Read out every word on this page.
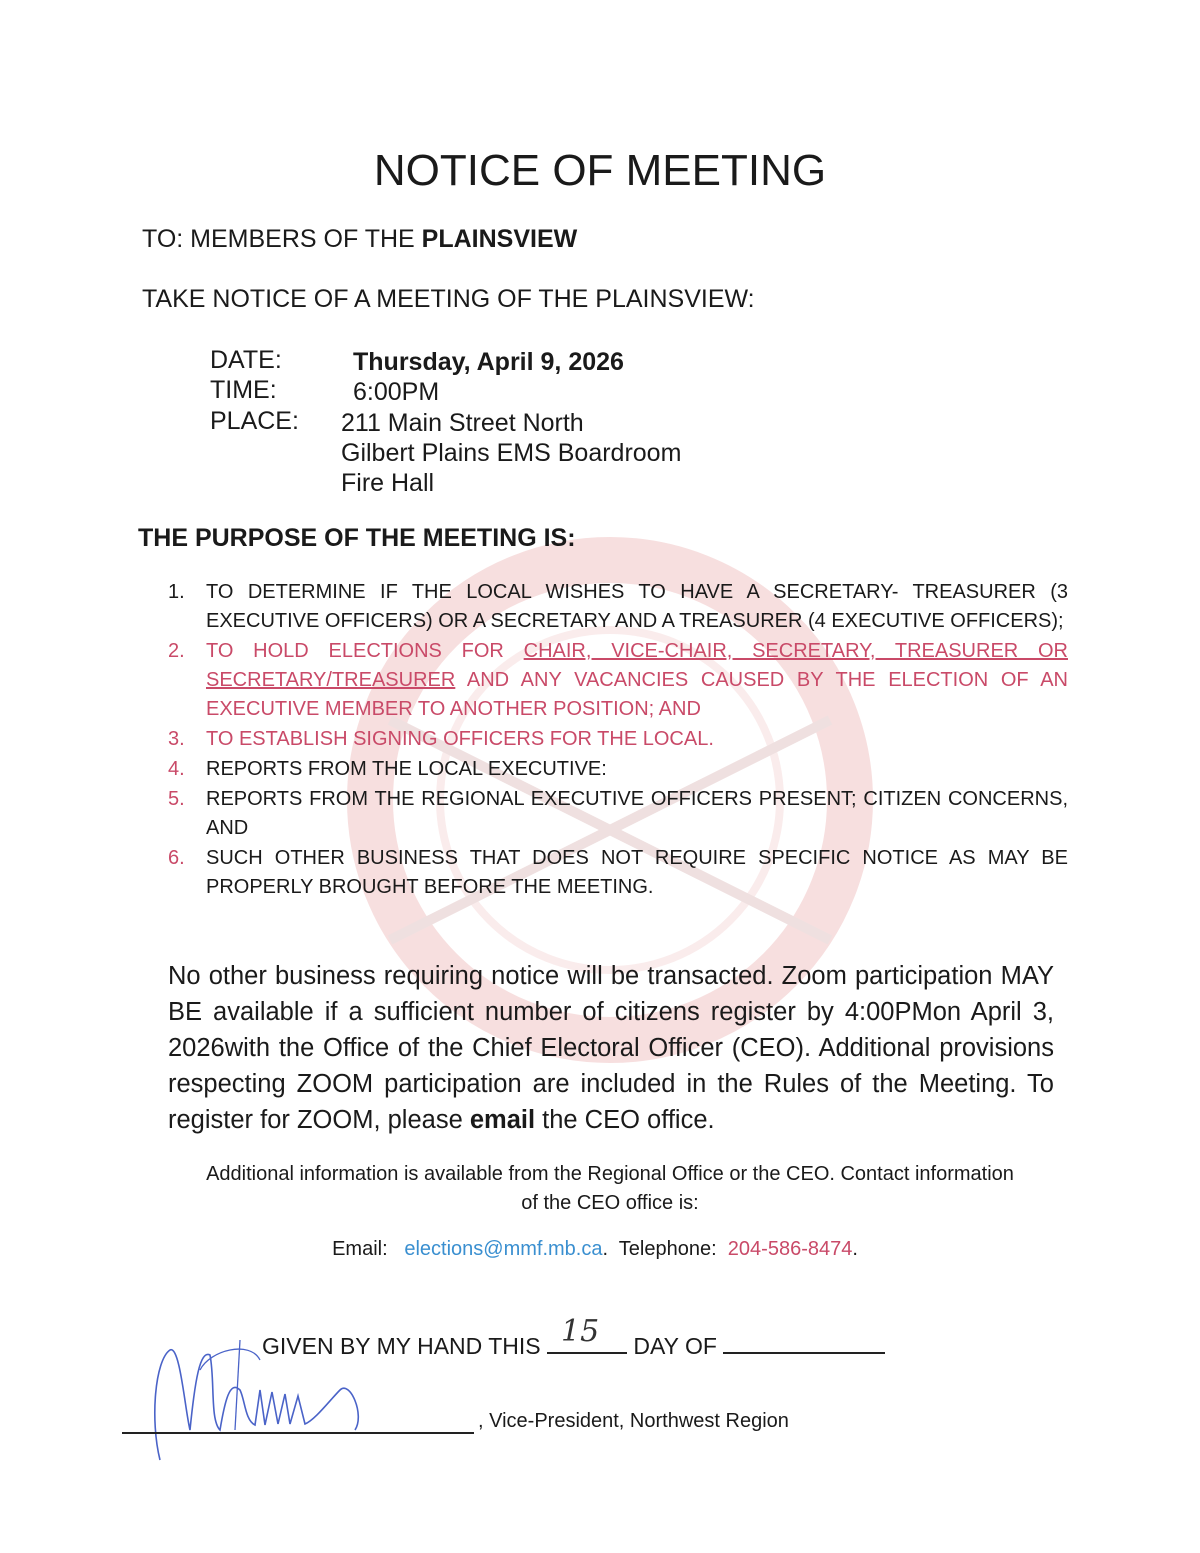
NOTICE OF MEETING
TO: MEMBERS OF THE PLAINSVIEW
TAKE NOTICE OF A MEETING OF THE PLAINSVIEW:
DATE:	Thursday, April 9, 2026
TIME:	6:00PM
PLACE: 211 Main Street North
Gilbert Plains EMS Boardroom
Fire Hall
THE PURPOSE OF THE MEETING IS:
1. TO DETERMINE IF THE LOCAL WISHES TO HAVE A SECRETARY- TREASURER (3 EXECUTIVE OFFICERS) OR A SECRETARY AND A TREASURER (4 EXECUTIVE OFFICERS);
2. TO HOLD ELECTIONS FOR CHAIR, VICE-CHAIR, SECRETARY, TREASURER OR SECRETARY/TREASURER AND ANY VACANCIES CAUSED BY THE ELECTION OF AN EXECUTIVE MEMBER TO ANOTHER POSITION; AND
3. TO ESTABLISH SIGNING OFFICERS FOR THE LOCAL.
4. REPORTS FROM THE LOCAL EXECUTIVE:
5. REPORTS FROM THE REGIONAL EXECUTIVE OFFICERS PRESENT; CITIZEN CONCERNS, AND
6. SUCH OTHER BUSINESS THAT DOES NOT REQUIRE SPECIFIC NOTICE AS MAY BE PROPERLY BROUGHT BEFORE THE MEETING.
No other business requiring notice will be transacted. Zoom participation MAY BE available if a sufficient number of citizens register by 4:00PMon April 3, 2026with the Office of the Chief Electoral Officer (CEO). Additional provisions respecting ZOOM participation are included in the Rules of the Meeting. To register for ZOOM, please email the CEO office.
Additional information is available from the Regional Office or the CEO. Contact information of the CEO office is:
Email: elections@mmf.mb.ca. Telephone: 204-586-8474.
GIVEN BY MY HAND THIS 15 DAY OF
, Vice-President, Northwest Region
